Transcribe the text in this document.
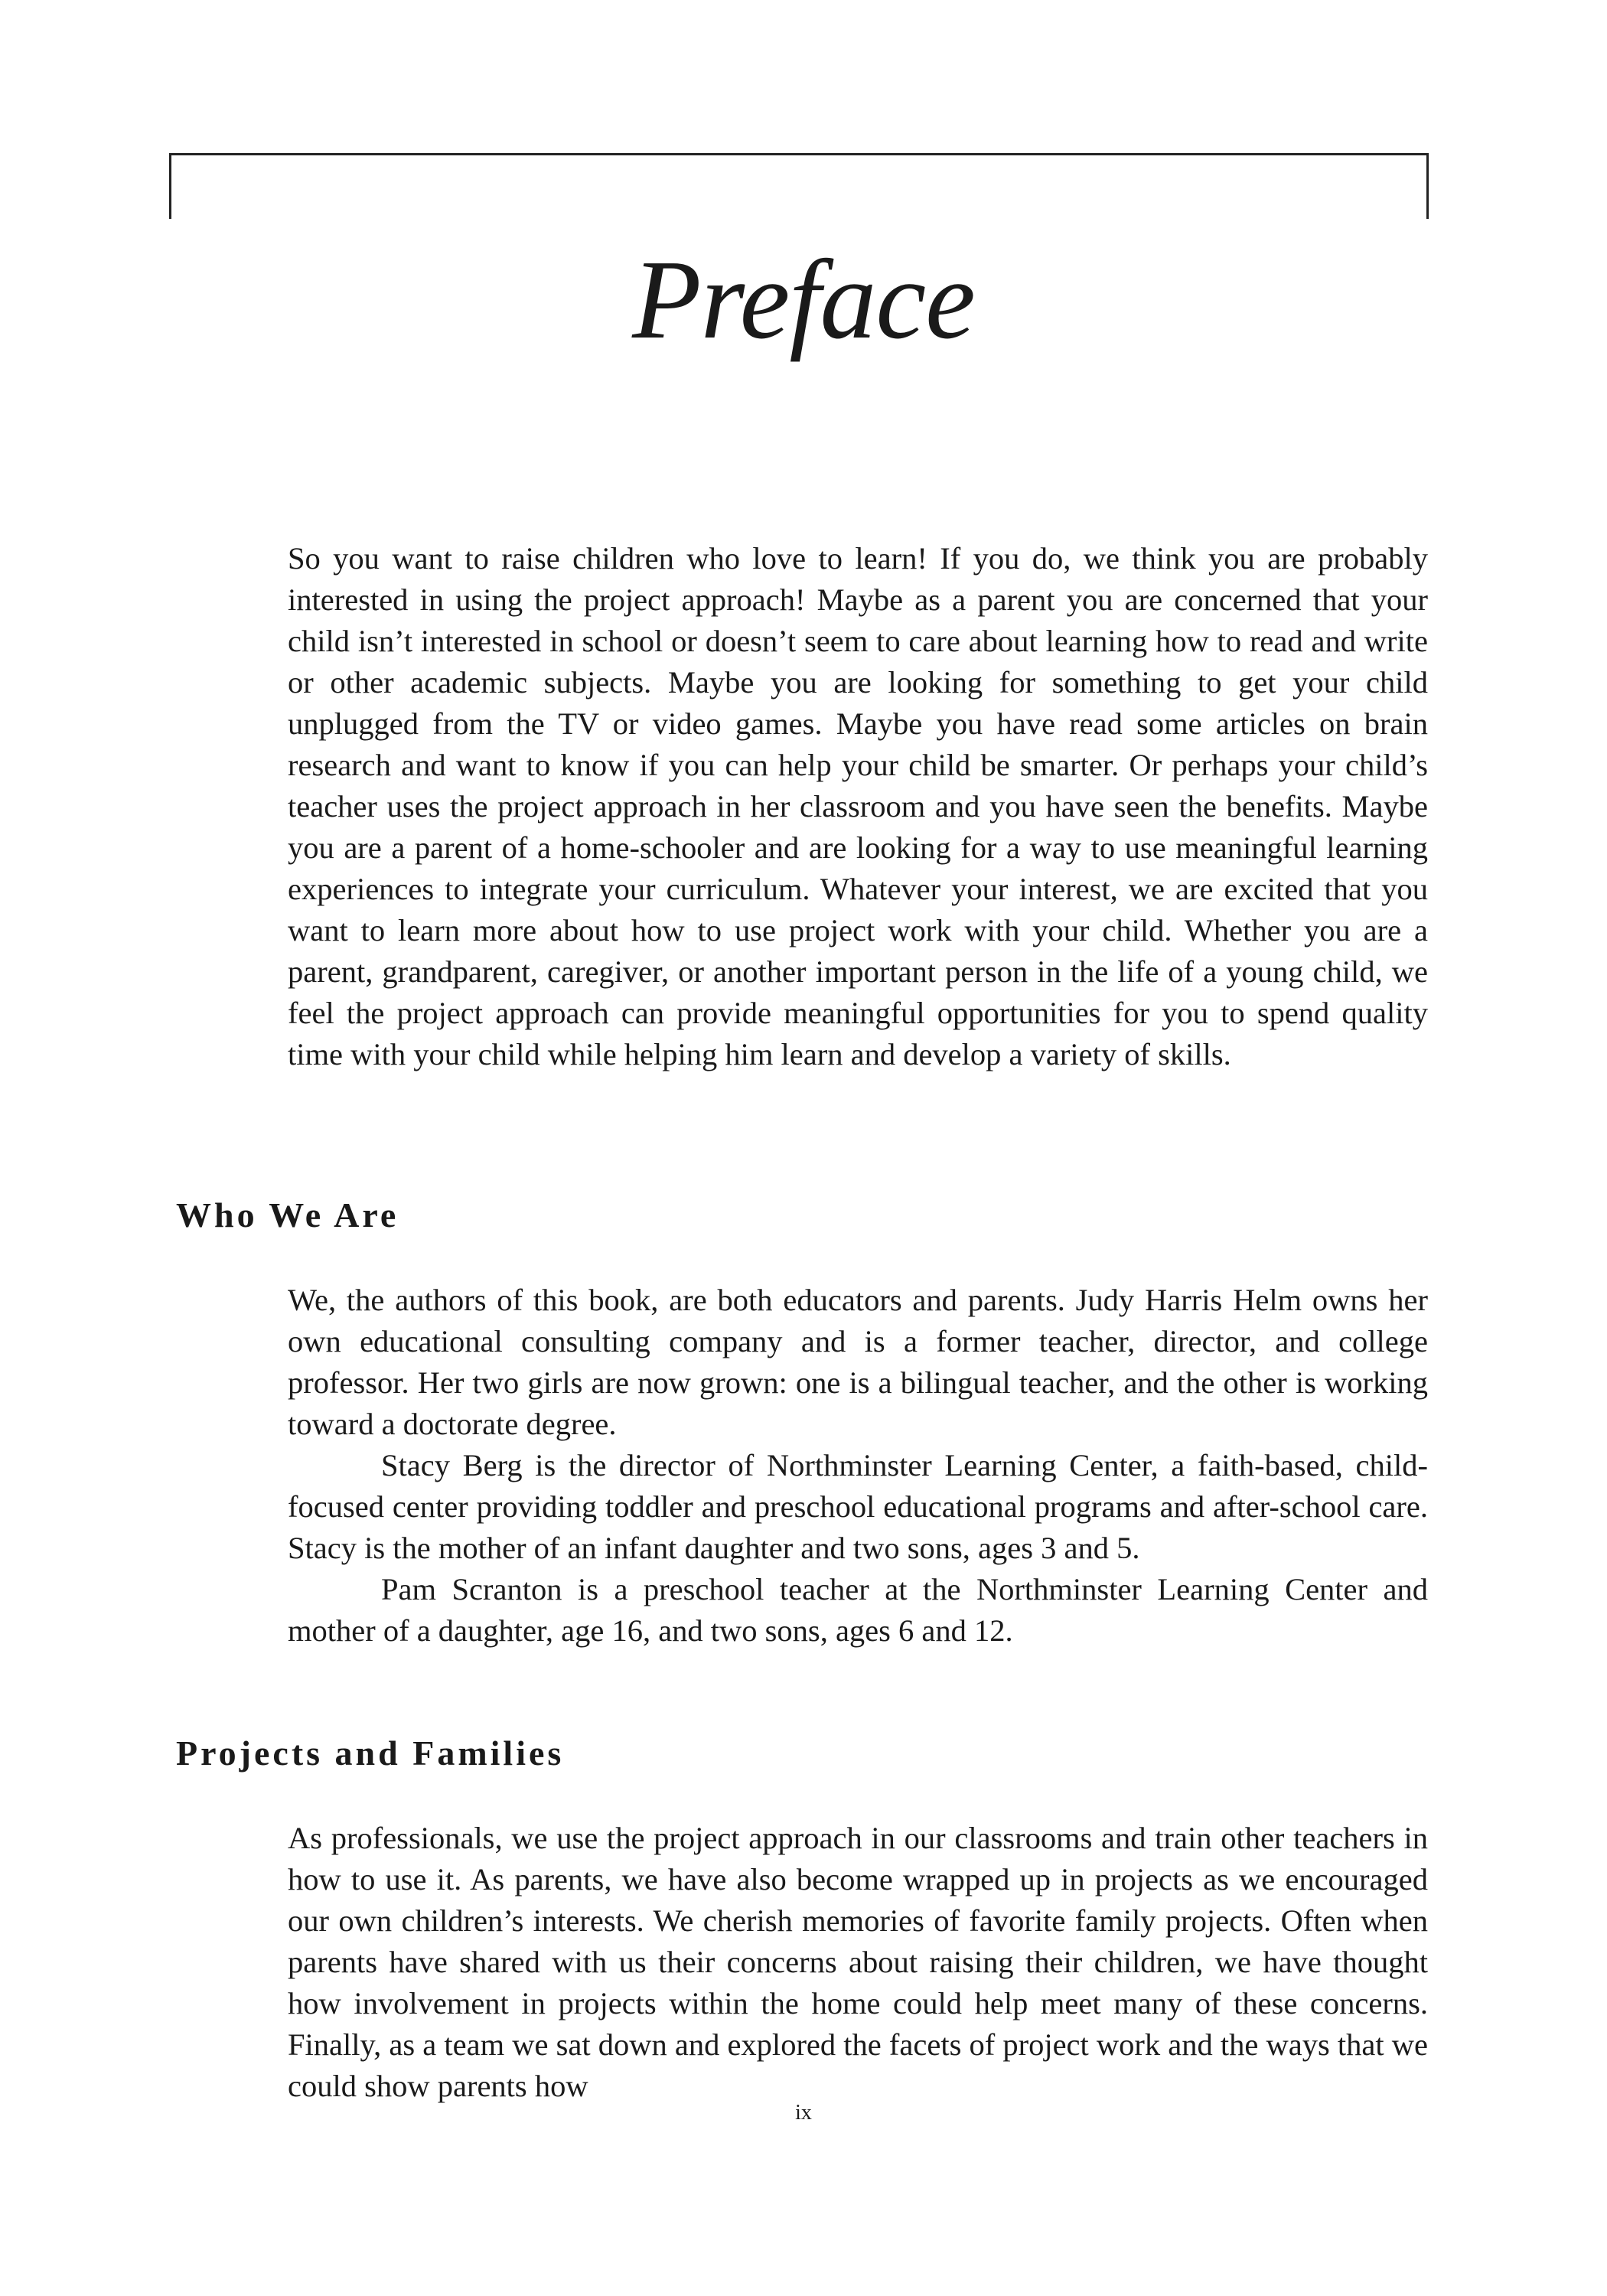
Preface

So you want to raise children who love to learn! If you do, we think you are probably interested in using the project approach! Maybe as a parent you are concerned that your child isn’t interested in school or doesn’t seem to care about learning how to read and write or other academic subjects. Maybe you are looking for something to get your child unplugged from the TV or video games. Maybe you have read some articles on brain research and want to know if you can help your child be smarter. Or perhaps your child’s teacher uses the project approach in her classroom and you have seen the benefits. Maybe you are a parent of a home-schooler and are looking for a way to use meaningful learning experiences to integrate your curriculum. Whatever your interest, we are excited that you want to learn more about how to use project work with your child. Whether you are a parent, grandparent, caregiver, or another important person in the life of a young child, we feel the project approach can provide meaningful opportunities for you to spend quality time with your child while helping him learn and develop a variety of skills.

Who We Are

We, the authors of this book, are both educators and parents. Judy Harris Helm owns her own educational consulting company and is a former teacher, director, and college professor. Her two girls are now grown: one is a bilingual teacher, and the other is working toward a doctorate degree.

Stacy Berg is the director of Northminster Learning Center, a faith-based, child-focused center providing toddler and preschool educational programs and after-school care. Stacy is the mother of an infant daughter and two sons, ages 3 and 5.

Pam Scranton is a preschool teacher at the Northminster Learning Center and mother of a daughter, age 16, and two sons, ages 6 and 12.

Projects and Families

As professionals, we use the project approach in our classrooms and train other teachers in how to use it. As parents, we have also become wrapped up in projects as we encouraged our own children’s interests. We cherish memories of favorite family projects. Often when parents have shared with us their concerns about raising their children, we have thought how involvement in projects within the home could help meet many of these concerns. Finally, as a team we sat down and explored the facets of project work and the ways that we could show parents how

ix
